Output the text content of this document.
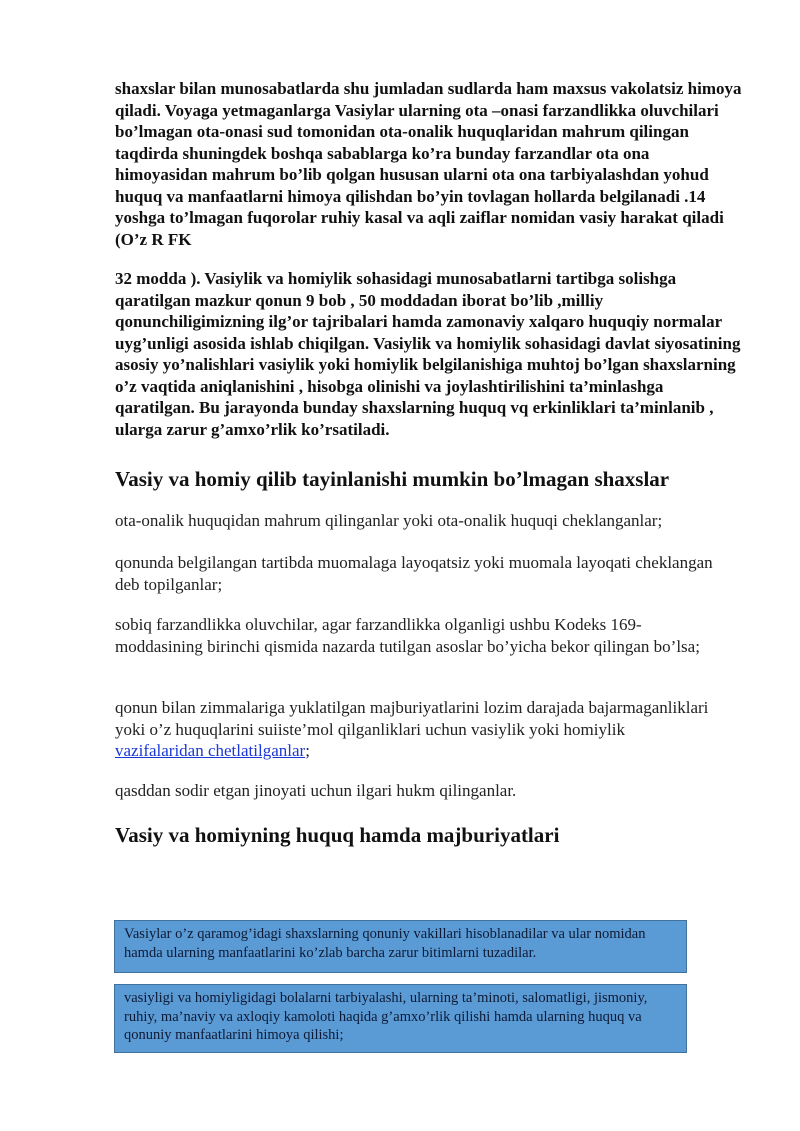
shaxslar bilan munosabatlarda shu jumladan sudlarda ham maxsus vakolatsiz himoya qiladi. Voyaga yetmaganlarga Vasiylar ularning ota –onasi farzandlikka oluvchilari bo’lmagan ota-onasi sud tomonidan ota-onalik huquqlaridan mahrum qilingan taqdirda shuningdek boshqa sabablarga ko’ra bunday farzandlar ota ona himoyasidan mahrum bo’lib qolgan hususan ularni ota ona tarbiyalashdan yohud huquq va manfaatlarni himoya qilishdan bo’yin tovlagan hollarda belgilanadi .14 yoshga to’lmagan fuqorolar ruhiy kasal va aqli zaiflar nomidan vasiy harakat qiladi (O’z R FK

32 modda ). Vasiylik va homiylik sohasidagi munosabatlarni tartibga solishga qaratilgan mazkur qonun 9 bob , 50 moddadan iborat bo’lib ,milliy qonunchiligimizning ilg’or tajribalari hamda zamonaviy xalqaro huquqiy normalar uyg’unligi asosida ishlab chiqilgan. Vasiylik va homiylik sohasidagi davlat siyosatining asosiy yo’nalishlari vasiylik yoki homiylik belgilanishiga muhtoj bo’lgan shaxslarning o’z vaqtida aniqlanishini , hisobga olinishi va joylashtirilishini ta’minlashga qaratilgan. Bu jarayonda bunday shaxslarning huquq vq erkinliklari ta’minlanib , ularga zarur g’amxo’rlik ko’rsatiladi.

Vasiy va homiy qilib tayinlanishi mumkin bo’lmagan shaxslar

ota-onalik huquqidan mahrum qilinganlar yoki ota-onalik huquqi cheklanganlar;

qonunda belgilangan tartibda muomalaga layoqatsiz yoki muomala layoqati cheklangan deb topilganlar;

sobiq farzandlikka oluvchilar, agar farzandlikka olganligi ushbu Kodeks 169-moddasining birinchi qismida nazarda tutilgan asoslar bo’yicha bekor qilingan bo’lsa;

qonun bilan zimmalariga yuklatilgan majburiyatlarini lozim darajada bajarmaganliklari yoki o’z huquqlarini suiiste’mol qilganliklari uchun vasiylik yoki homiylik vazifalaridan chetlatilganlar;

qasddan sodir etgan jinoyati uchun ilgari hukm qilinganlar.

Vasiy va homiyning huquq hamda majburiyatlari
Vasiylar o’z qaramog’idagi shaxslarning qonuniy vakillari hisoblanadilar va ular nomidan hamda ularning manfaatlarini ko’zlab barcha zarur bitimlarni tuzadilar.
vasiyligi va homiyligidagi bolalarni tarbiyalashi, ularning ta’minoti, salomatligi, jismoniy, ruhiy, ma’naviy va axloqiy kamoloti haqida g’amxo’rlik qilishi hamda ularning huquq va qonuniy manfaatlarini himoya qilishi;
